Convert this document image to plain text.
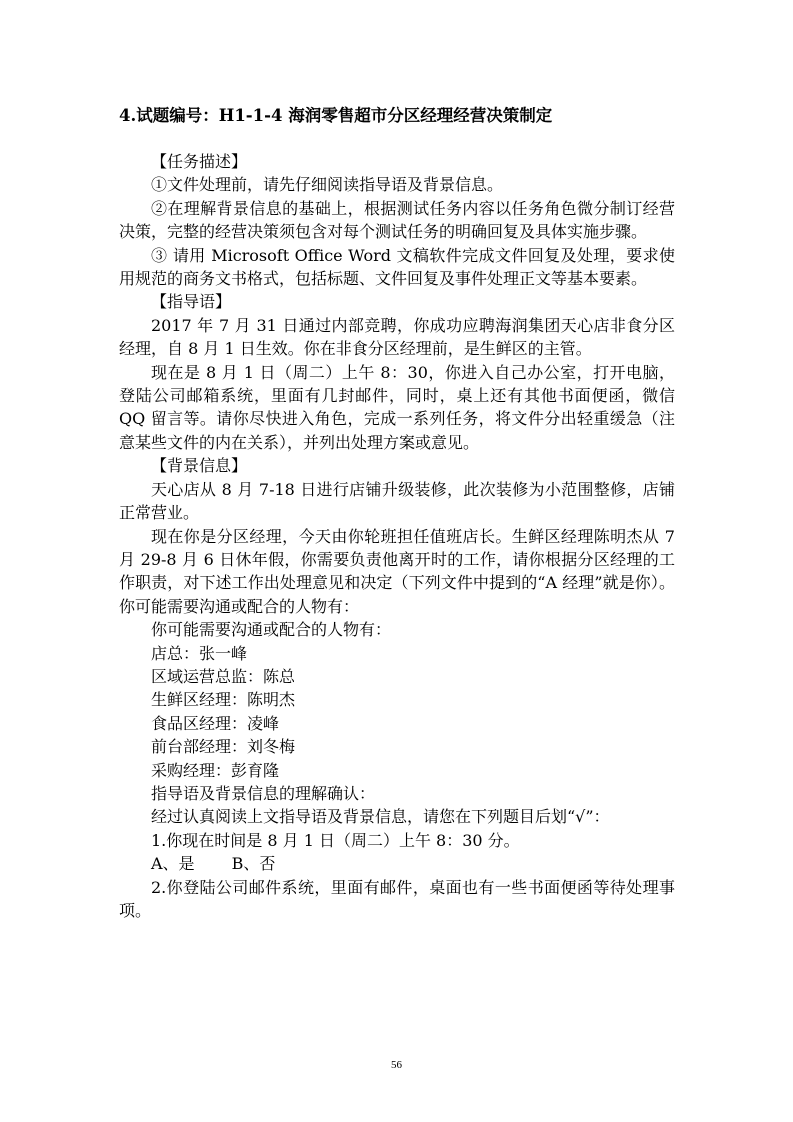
4.试题编号：H1-1-4 海润零售超市分区经理经营决策制定

【任务描述】

①文件处理前，请先仔细阅读指导语及背景信息。

②在理解背景信息的基础上，根据测试任务内容以任务角色微分制订经营决策，完整的经营决策须包含对每个测试任务的明确回复及具体实施步骤。

③ 请用 Microsoft Office Word 文稿软件完成文件回复及处理，要求使用规范的商务文书格式，包括标题、文件回复及事件处理正文等基本要素。

【指导语】

2017 年 7 月 31 日通过内部竞聘，你成功应聘海润集团天心店非食分区经理，自 8 月 1 日生效。你在非食分区经理前，是生鲜区的主管。

现在是 8 月 1 日（周二）上午 8：30，你进入自己办公室，打开电脑，登陆公司邮箱系统，里面有几封邮件，同时，桌上还有其他书面便函，微信 QQ 留言等。请你尽快进入角色，完成一系列任务，将文件分出轻重缓急（注意某些文件的内在关系），并列出处理方案或意见。

【背景信息】

天心店从 8 月 7-18 日进行店铺升级装修，此次装修为小范围整修，店铺正常营业。

现在你是分区经理，今天由你轮班担任值班店长。生鲜区经理陈明杰从 7 月 29-8 月 6 日休年假，你需要负责他离开时的工作，请你根据分区经理的工作职责，对下述工作出处理意见和决定（下列文件中提到的“A 经理”就是你）。你可能需要沟通或配合的人物有：

你可能需要沟通或配合的人物有：

店总：张一峰

区域运营总监：陈总

生鲜区经理：陈明杰

食品区经理：凌峰

前台部经理：刘冬梅

采购经理：彭育隆

指导语及背景信息的理解确认：

经过认真阅读上文指导语及背景信息，请您在下列题目后划“√”：

1.你现在时间是 8 月 1 日（周二）上午 8：30 分。

A、是　　 B、否

2.你登陆公司邮件系统，里面有邮件，桌面也有一些书面便函等待处理事项。

56
